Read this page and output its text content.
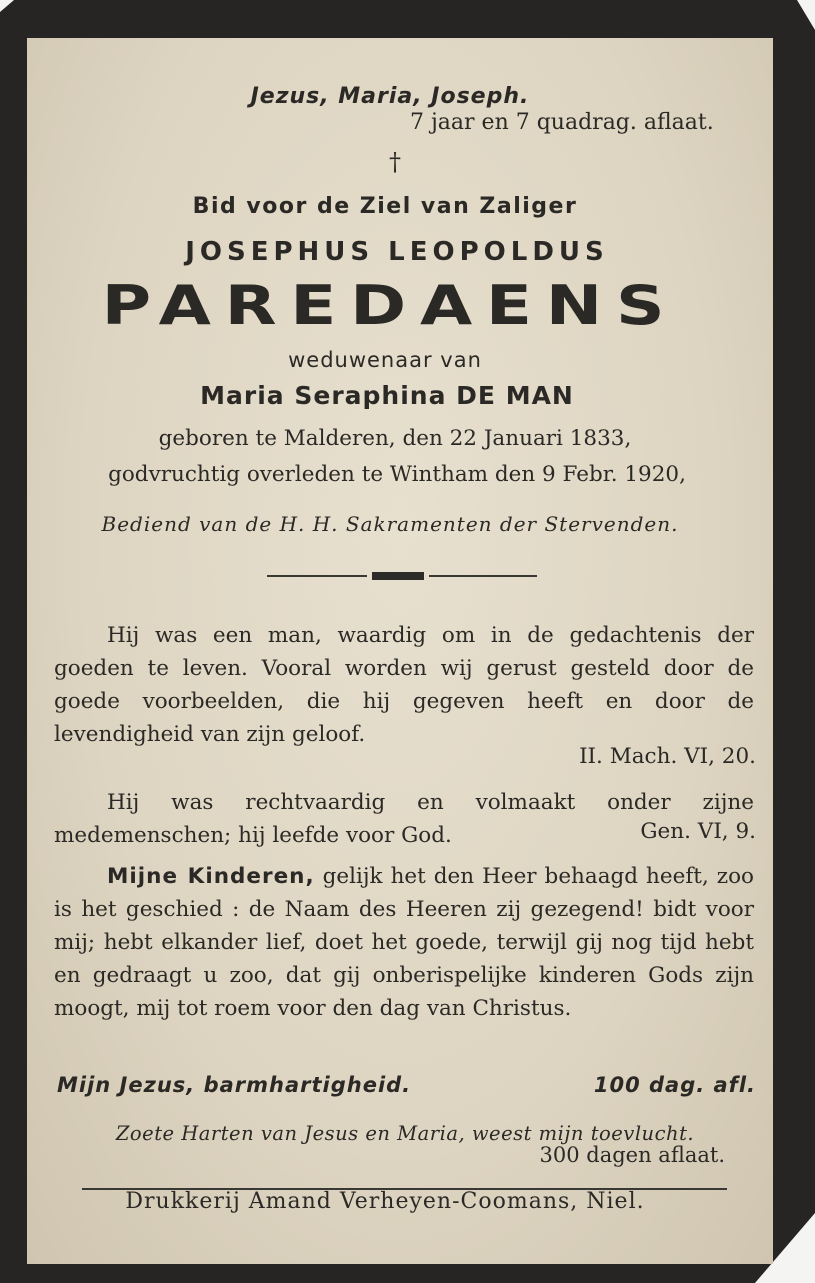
Jezus, Maria, Joseph.
7 jaar en 7 quadrag. aflaat.
†
Bid voor de Ziel van Zaliger
JOSEPHUS LEOPOLDUS
PAREDAENS
weduwenaar van
Maria Seraphina DE MAN
geboren te Malderen, den 22 Januari 1833,
godvruchtig overleden te Wintham den 9 Febr. 1920,
Bediend van de H. H. Sakramenten der Stervenden.
Hij was een man, waardig om in de gedachtenis der goeden te leven. Vooral worden wij gerust gesteld door de goede voorbeelden, die hij gegeven heeft en door de levendigheid van zijn geloof.
II. Mach. VI, 20.
Hij was rechtvaardig en volmaakt onder zijne medemenschen; hij leefde voor God.	Gen. VI, 9.
Mijne Kinderen, gelijk het den Heer behaagd heeft, zoo is het geschied : de Naam des Heeren zij gezegend! bidt voor mij; hebt elkander lief, doet het goede, terwijl gij nog tijd hebt en gedraagt u zoo, dat gij onberispelijke kinderen Gods zijn moogt, mij tot roem voor den dag van Christus.
Mijn Jezus, barmhartigheid.	100 dag. afl.
Zoete Harten van Jesus en Maria, weest mijn toevlucht.
300 dagen aflaat.
Drukkerij Amand Verheyen-Coomans, Niel.
